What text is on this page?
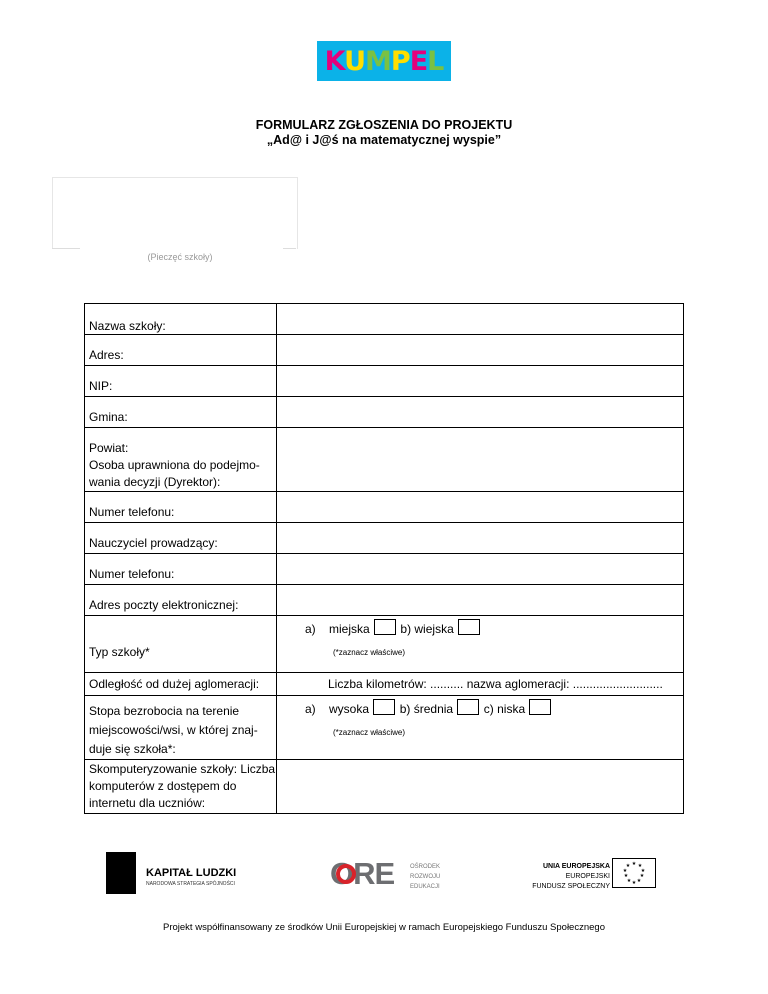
KUMPEL
FORMULARZ ZGŁOSZENIA DO PROJEKTU
„Ad@ i J@ś na matematycznej wyspie”
(Pieczęć szkoły)
Nazwa szkoły:	
Adres:	
NIP:	
Gmina:	

Powiat:
Osoba uprawniona do podejmo-wania decyzji (Dyrektor):	

Numer telefonu:	
Nauczyciel prowadzący:	
Numer telefonu:	
Adres poczty elektronicznej:	
Typ szkoły*	a) miejska b) wiejska
(*zaznacz właściwe)

Odległość od dużej aglomeracji:	Liczba kilometrów: .......... nazwa aglomeracji: ...........................
Stopa bezrobocia na terenie miejscowości/wsi, w której znaj-duje się szkoła*:	a) wysoka b) średnia c) niska
(*zaznacz właściwe)

Skomputeryzowanie szkoły: Liczba komputerów z dostępem do internetu dla uczniów:	
KAPITAŁ LUDZKI
NARODOWA STRATEGIA SPÓJNOŚCI	ORE	OŚRODEK
ROZWOJU
EDUKACJI
UNIA EUROPEJSKA
EUROPEJSKI
FUNDUSZ SPOŁECZNY
★ ★
★
★
★
★
★
★
★
★
Projekt współfinansowany ze środków Unii Europejskiej w ramach Europejskiego Funduszu Społecznego
